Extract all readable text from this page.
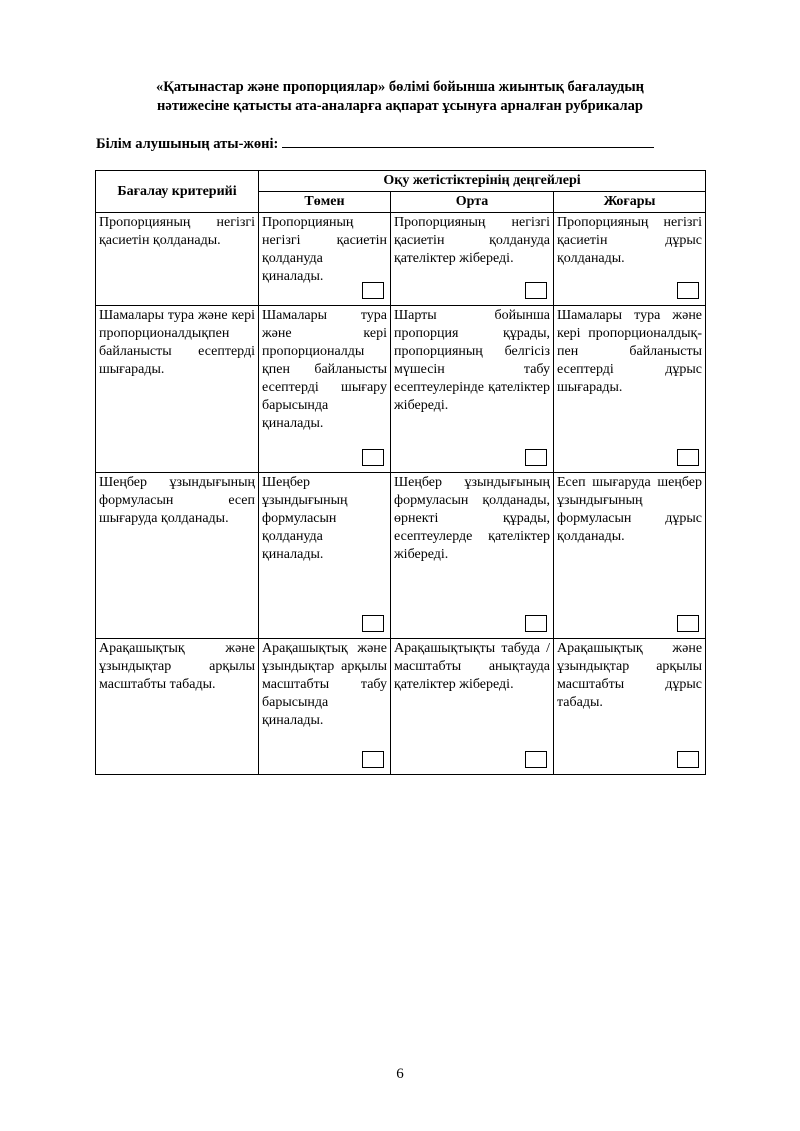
«Қатынастар және пропорциялар» бөлімі бойынша жиынтық бағалаудың
нәтижесіне қатысты ата-аналарға ақпарат ұсынуға арналған рубрикалар
Білім алушының аты-жөні:
Бағалау критерийі	Оқу жетістіктерінің деңгейлері		
	Төмен	Орта	Жоғары

Пропорцияның негізгі қасиетін қолданады.	Пропорцияның негізгі қасиетін қолдануда қиналады.	Пропорцияның негізгі қасиетін қолдануда қателіктер жібереді.	Пропорцияның негізгі қасиетін дұрыс қолданады.

Шамалары тура және кері пропорционалдықпен байланысты есептерді шығарады.	Шамалары тура және кері пропорционалды қпен байланысты есептерді шығару барысында қиналады.	Шарты бойынша пропорция құрады, пропорцияның белгісіз мүшесін табу есептеулерінде қателіктер жібереді.	Шамалары тура және кері пропорционалдық-пен байланысты есептерді дұрыс шығарады.

Шеңбер ұзындығының формуласын есеп шығаруда қолданады.	Шеңбер ұзындығының формуласын қолдануда қиналады.	Шеңбер ұзындығының формуласын қолданады, өрнекті құрады, есептеулерде қателіктер жібереді.	Есеп шығаруда шеңбер ұзындығының формуласын дұрыс қолданады.

Арақашықтық және ұзындықтар арқылы масштабты табады.	Арақашықтық және ұзындықтар арқылы масштабты табу барысында қиналады.	Арақашықтықты табуда / масштабты анықтауда қателіктер жібереді.	Арақашықтық және ұзындықтар арқылы масштабты дұрыс табады.
6
